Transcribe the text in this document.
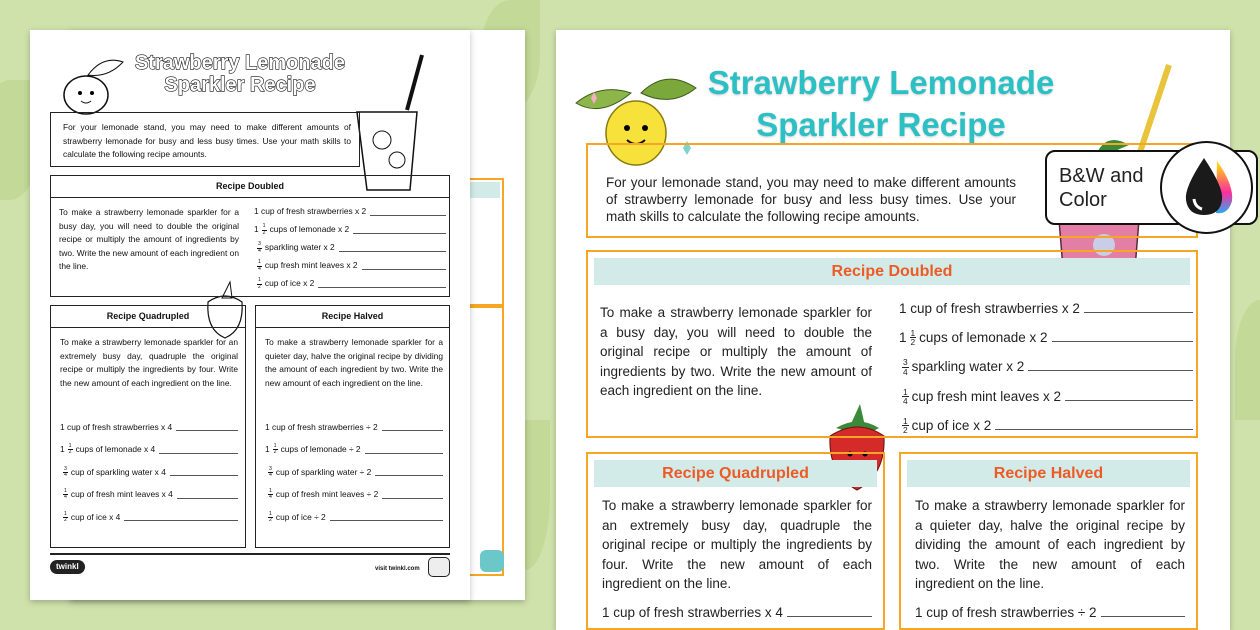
Strawberry Lemonade
Sparkler Recipe

For your lemonade stand, you may need to make different amounts of strawberry lemonade for busy and less busy times. Use your math skills to calculate the following recipe amounts.

Recipe Doubled

To make a strawberry lemonade sparkler for a busy day, you will need to double the original recipe or multiply the amount of ingredients by two. Write the new amount of each ingredient on the line.

1
cup of fresh strawberries x 2
$1 \frac{1}{2}$ cups of lemonade x 2
$\frac{3}{4}$ sparkling water x 2
$\frac{1}{4}$ cup fresh mint leaves x 2
$\frac{1}{2}$ cup of ice x 2
Recipe Quadrupled

To make a strawberry lemonade sparkler for an extremely busy day, quadruple the original recipe or multiply the ingredients by four. Write the new amount of each ingredient on the line.

1
cup of fresh strawberries x 4
$1 \frac{1}{2}$ cups of lemonade x 4
$\frac{3}{4}$ cup of sparkling water x 4
$\frac{1}{4}$ cup of fresh mint leaves x 4
$\frac{1}{2}$ cup of ice x 4
Recipe Halved

To make a strawberry lemonade sparkler for a quieter day, halve the original recipe by dividing the amount of each ingredient by two. Write the new amount of each ingredient on the line.

1
cup of fresh strawberries ÷ 2
$1 \frac{1}{2}$ cups of lemonade ÷ 2
$\frac{3}{4}$ cup of sparkling water ÷ 2
$\frac{1}{4}$ cup of fresh mint leaves ÷ 2
$\frac{1}{2}$ cup of ice ÷ 2
twinkl	visit twinkl.com
Strawberry Lemonade
Sparkler Recipe

For your lemonade stand, you may need to make different amounts of strawberry lemonade for busy and less busy times. Use your math skills to calculate the following recipe amounts.

Recipe Doubled

To make a strawberry lemonade sparkler for a busy day, you will need to double the original recipe or multiply the amount of ingredients by two. Write the new amount of each ingredient on the line.

1
cup of fresh strawberries x 2
$1 \frac{1}{2}$ cups of lemonade x 2
$\frac{3}{4}$ sparkling water x 2
$\frac{1}{4}$ cup fresh mint leaves x 2
$\frac{1}{2}$ cup of ice x 2
Recipe Quadrupled

To make a strawberry lemonade sparkler for an extremely busy day, quadruple the original recipe or multiply the ingredients by four. Write the new amount of each ingredient on the line.

1
cup of fresh strawberries x 4
Recipe Halved

To make a strawberry lemonade sparkler for a quieter day, halve the original recipe by dividing the amount of each ingredient by two. Write the new amount of each ingredient on the line.

1
cup of fresh strawberries ÷ 2
B&W and Color
